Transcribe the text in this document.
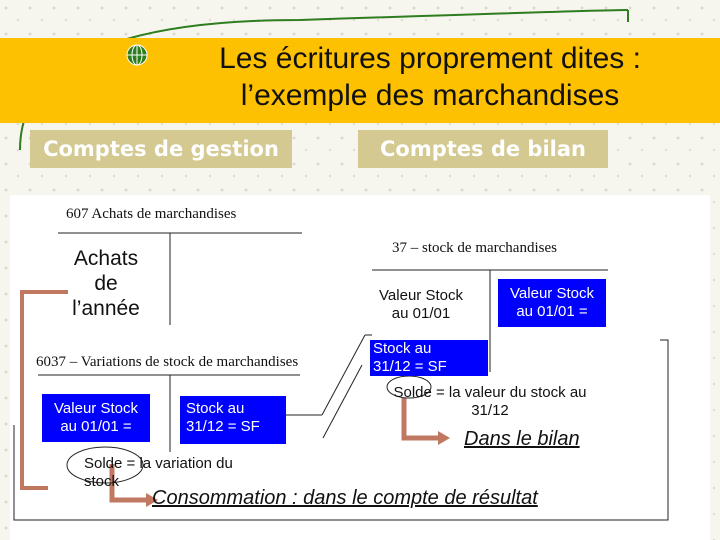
Les écritures proprement dites :
l’exemple des marchandises
Comptes de gestion	Comptes de bilan
607 Achats de marchandises
Achats
de
l’année
37 – stock de marchandises
Valeur Stock
au 01/01
Valeur Stock
au 01/01 =
Stock au
31/12 = SF
Solde = la valeur du stock au
31/12
Dans le bilan
6037 – Variations de stock de marchandises
Valeur Stock
au 01/01 =
Stock au
31/12 = SF
Solde = la variation du
stock
Consommation : dans le compte de résultat
